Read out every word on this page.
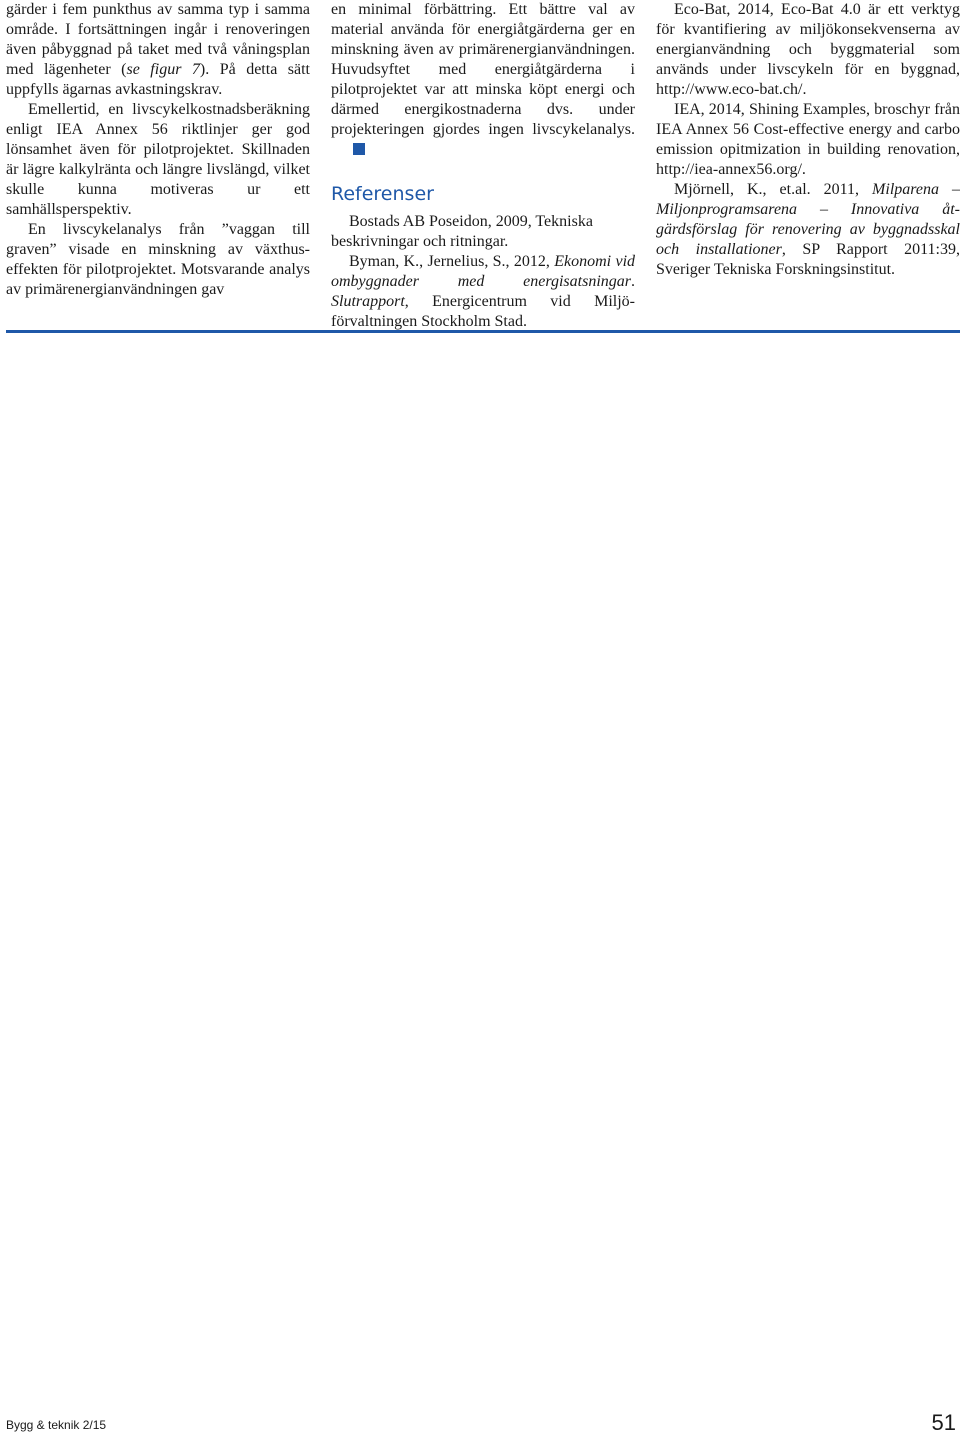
gärder i fem punkthus av samma typ i samma område. I fortsättningen ingår i renoveringen även påbyggnad på taket med två våningsplan med lägenheter (se figur 7). På detta sätt uppfylls ägarnas avkastningskrav.

Emellertid, en livscykelkostnadsberäkning enligt IEA Annex 56 riktlinjer ger god lönsamhet även för pilotprojektet. Skillnaden är lägre kalkylränta och längre livslängd, vilket skulle kunna motiveras ur ett samhällsperspektiv.

En livscykelanalys från ”vaggan till graven” visade en minskning av växthuseffekten för pilotprojektet. Motsvarande analys av primärenergianvändningen gav

en minimal förbättring. Ett bättre val av material använda för energiåtgärderna ger en minskning även av primärenergianvändningen. Huvudsyftet med energiåtgärderna i pilotprojektet var att minska köpt energi och därmed energikostnaderna dvs. under projekteringen gjordes ingen livscykelanalys.

Referenser

Bostads AB Poseidon, 2009, Tekniska beskrivningar och ritningar.

Byman, K., Jernelius, S., 2012, Ekonomi vid ombyggnader med energisatsningar. Slutrapport, Energicentrum vid Miljöförvaltningen Stockholm Stad.

Eco-Bat, 2014, Eco-Bat 4.0 är ett verktyg för kvantifiering av miljökonsekvenserna av energianvändning och byggmaterial som används under livscykeln för en byggnad, http://www.eco-bat.ch/.

IEA, 2014, Shining Examples, broschyr från IEA Annex 56 Cost-effective energy and carbo emission opitmization in building renovation, http://iea-annex56.org/.

Mjörnell, K., et.al. 2011, Milparena – Miljonprogramsarena – Innovativa åtgärdsförslag för renovering av byggnadsskal och installationer, SP Rapport 2011:39, Sveriger Tekniska Forskningsinstitut.

Bygg & teknik 2/15	51
